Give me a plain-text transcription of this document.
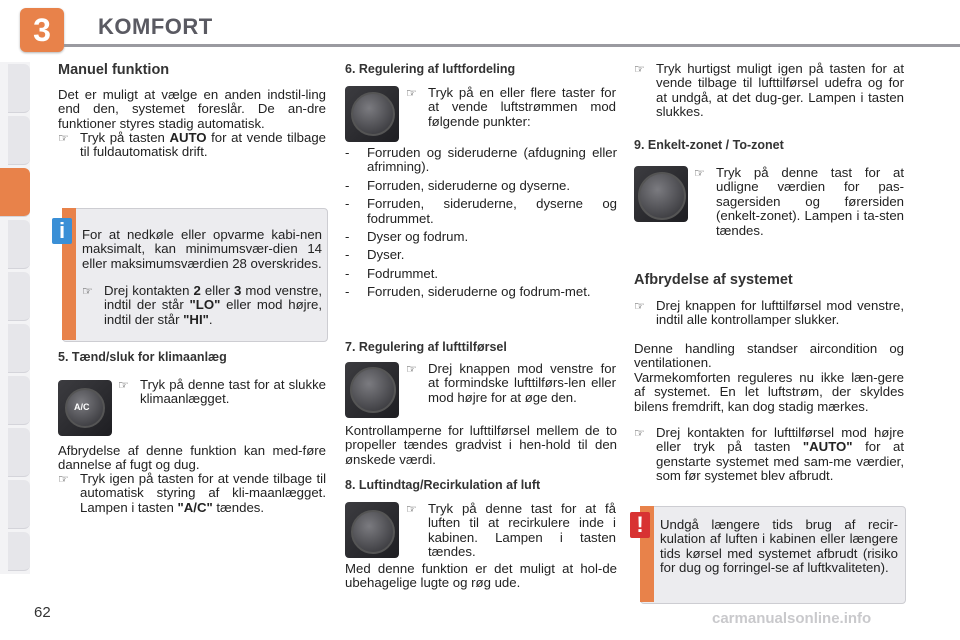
3	KOMFORT
Manuel funktion
Det er muligt at vælge en anden indstil-ling end den, systemet foreslår. De an-dre funktioner styres stadig automatisk.
☞ Tryk på tasten AUTO for at vende tilbage til fuldautomatisk drift.
i	For at nedkøle eller opvarme kabi-nen maksimalt, kan minimumsvær-dien 14 eller maksimumsværdien 28 overskrides.
☞ Drej kontakten 2 eller 3 mod venstre, indtil der står "LO" eller mod højre, indtil der står "HI".
5. Tænd/sluk for klimaanlæg
A/C
☞ Tryk på denne tast for at slukke klimaanlægget.
Afbrydelse af denne funktion kan med-føre dannelse af fugt og dug.
☞ Tryk igen på tasten for at vende tilbage til automatisk styring af kli-maanlægget. Lampen i tasten "A/C" tændes.
6. Regulering af luftfordeling
☞ Tryk på en eller flere taster for at vende luftstrømmen mod følgende punkter:
-	Forruden og sideruderne (afdugning eller afrimning).
-	Forruden, sideruderne og dyserne.
-	Forruden, sideruderne, dyserne og fodrummet.
-	Dyser og fodrum.
-	Dyser.
-	Fodrummet.
-	Forruden, sideruderne og fodrum-met.
7. Regulering af lufttilførsel
☞ Drej knappen mod venstre for at formindske lufttilførs-len eller mod højre for at øge den.
Kontrollamperne for lufttilførsel mellem de to propeller tændes gradvist i hen-hold til den ønskede værdi.
8. Luftindtag/Recirkulation af luft
☞ Tryk på denne tast for at få luften til at recirkulere inde i kabinen. Lampen i tasten tændes.
Med denne funktion er det muligt at hol-de ubehagelige lugte og røg ude.
☞ Tryk hurtigst muligt igen på tasten for at vende tilbage til lufttilførsel udefra og for at undgå, at det dug-ger. Lampen i tasten slukkes.
9. Enkelt-zonet / To-zonet
☞ Tryk på denne tast for at udligne værdien for pas-sagersiden og førersiden (enkelt-zonet). Lampen i ta-sten tændes.
Afbrydelse af systemet
☞ Drej knappen for lufttilførsel mod venstre, indtil alle kontrollamper slukker.
Denne handling standser aircondition og ventilationen.
Varmekomforten reguleres nu ikke læn-gere af systemet. En let luftstrøm, der skyldes bilens fremdrift, kan dog stadig mærkes.
☞ Drej kontakten for lufttilførsel mod højre eller tryk på tasten "AUTO" for at genstarte systemet med sam-me værdier, som før systemet blev afbrudt.
!	Undgå længere tids brug af recir-kulation af luften i kabinen eller længere tids kørsel med systemet afbrudt (risiko for dug og forringel-se af luftkvaliteten).
62	carmanualsonline.info
